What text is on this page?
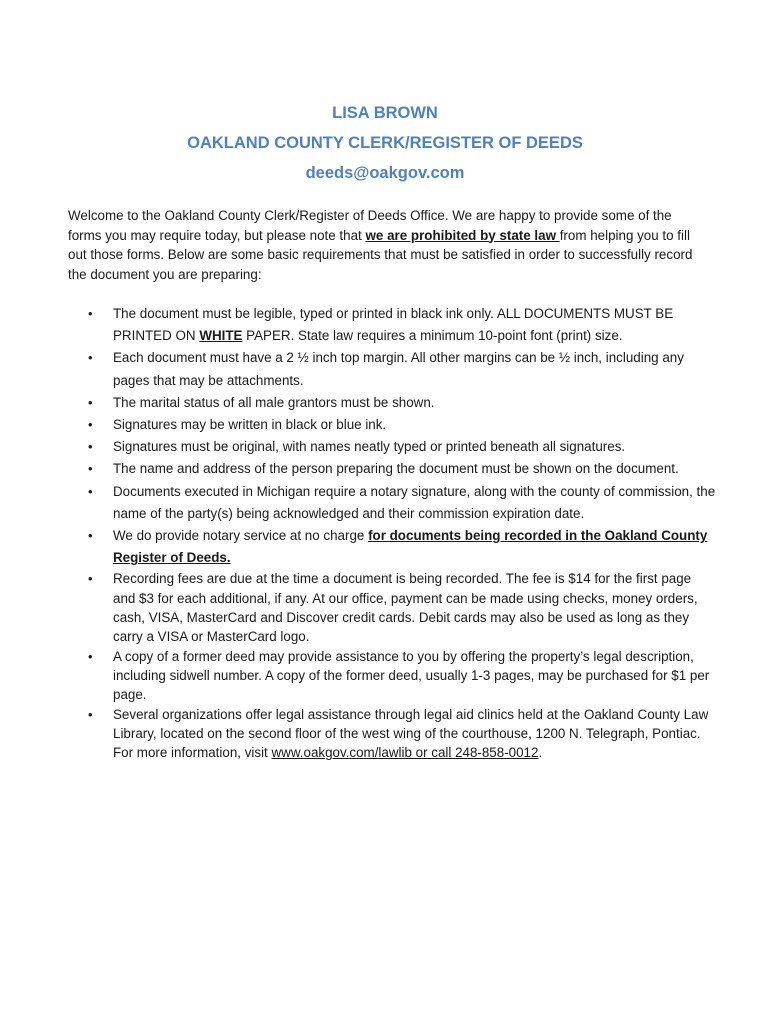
LISA BROWN
OAKLAND COUNTY CLERK/REGISTER OF DEEDS
deeds@oakgov.com

Welcome to the Oakland County Clerk/Register of Deeds Office. We are happy to provide some of the forms you may require today, but please note that we are prohibited by state law from helping you to fill out those forms. Below are some basic requirements that must be satisfied in order to successfully record the document you are preparing:

• The document must be legible, typed or printed in black ink only. ALL DOCUMENTS MUST BE PRINTED ON WHITE PAPER. State law requires a minimum 10-point font (print) size.
• Each document must have a 2 ½ inch top margin. All other margins can be ½ inch, including any pages that may be attachments.
• The marital status of all male grantors must be shown.
• Signatures may be written in black or blue ink.
• Signatures must be original, with names neatly typed or printed beneath all signatures.
• The name and address of the person preparing the document must be shown on the document.
• Documents executed in Michigan require a notary signature, along with the county of commission, the name of the party(s) being acknowledged and their commission expiration date.
• We do provide notary service at no charge for documents being recorded in the Oakland County Register of Deeds.
• Recording fees are due at the time a document is being recorded. The fee is $14 for the first page and $3 for each additional, if any. At our office, payment can be made using checks, money orders, cash, VISA, MasterCard and Discover credit cards. Debit cards may also be used as long as they carry a VISA or MasterCard logo.
• A copy of a former deed may provide assistance to you by offering the property’s legal description, including sidwell number. A copy of the former deed, usually 1-3 pages, may be purchased for $1 per page.
• Several organizations offer legal assistance through legal aid clinics held at the Oakland County Law Library, located on the second floor of the west wing of the courthouse, 1200 N. Telegraph, Pontiac. For more information, visit www.oakgov.com/lawlib or call 248-858-0012.
